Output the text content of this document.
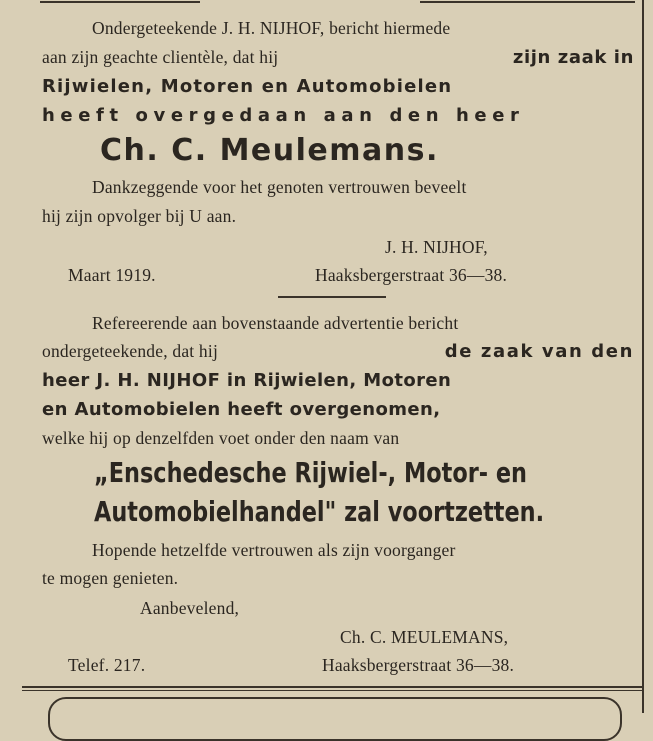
Ondergeteekende J. H. NIJHOF, bericht hiermede
aan zijn geachte clientèle, dat hij	zijn zaak in
Rijwielen, Motoren en Automobielen
heeft overgedaan aan den heer
Ch. C. Meulemans.
Dankzeggende voor het genoten vertrouwen beveelt
hij zijn opvolger bij U aan.
J. H. NIJHOF,
Maart 1919.	Haaksbergerstraat 36—38.
Refereerende aan bovenstaande advertentie bericht
ondergeteekende, dat hij	de zaak van den
heer J. H. NIJHOF in Rijwielen, Motoren
en Automobielen heeft overgenomen,
welke hij op denzelfden voet onder den naam van
„Enschedesche Rijwiel-, Motor- en
Automobielhandel" zal voortzetten.
Hopende hetzelfde vertrouwen als zijn voorganger
te mogen genieten.
Aanbevelend,
Ch. C. MEULEMANS,
Telef. 217.	Haaksbergerstraat 36—38.
